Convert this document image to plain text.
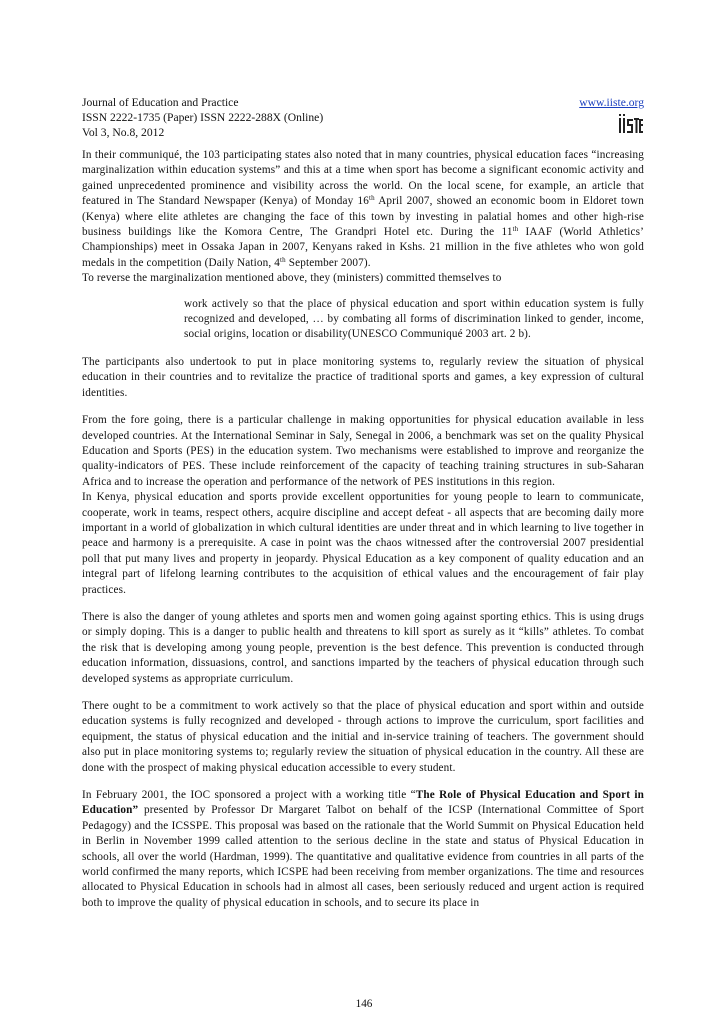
Journal of Education and Practice	www.iiste.org
ISSN 2222-1735 (Paper) ISSN 2222-288X (Online)
Vol 3, No.8, 2012

In their communiqué, the 103 participating states also noted that in many countries, physical education faces “increasing marginalization within education systems” and this at a time when sport has become a significant economic activity and gained unprecedented prominence and visibility across the world. On the local scene, for example, an article that featured in The Standard Newspaper (Kenya) of Monday 16th April 2007, showed an economic boom in Eldoret town (Kenya) where elite athletes are changing the face of this town by investing in palatial homes and other high-rise business buildings like the Komora Centre, The Grandpri Hotel etc. During the 11th IAAF (World Athletics’ Championships) meet in Ossaka Japan in 2007, Kenyans raked in Kshs. 21 million in the five athletes who won gold medals in the competition (Daily Nation, 4th September 2007).

To reverse the marginalization mentioned above, they (ministers) committed themselves to

work actively so that the place of physical education and sport within education system is fully recognized and developed, … by combating all forms of discrimination linked to gender, income, social origins, location or disability(UNESCO Communiqué 2003 art. 2 b).

The participants also undertook to put in place monitoring systems to, regularly review the situation of physical education in their countries and to revitalize the practice of traditional sports and games, a key expression of cultural identities.

From the fore going, there is a particular challenge in making opportunities for physical education available in less developed countries. At the International Seminar in Saly, Senegal in 2006, a benchmark was set on the quality Physical Education and Sports (PES) in the education system. Two mechanisms were established to improve and reorganize the quality-indicators of PES. These include reinforcement of the capacity of teaching training structures in sub-Saharan Africa and to increase the operation and performance of the network of PES institutions in this region.

In Kenya, physical education and sports provide excellent opportunities for young people to learn to communicate, cooperate, work in teams, respect others, acquire discipline and accept defeat - all aspects that are becoming daily more important in a world of globalization in which cultural identities are under threat and in which learning to live together in peace and harmony is a prerequisite. A case in point was the chaos witnessed after the controversial 2007 presidential poll that put many lives and property in jeopardy. Physical Education as a key component of quality education and an integral part of lifelong learning contributes to the acquisition of ethical values and the encouragement of fair play practices.

There is also the danger of young athletes and sports men and women going against sporting ethics. This is using drugs or simply doping. This is a danger to public health and threatens to kill sport as surely as it “kills” athletes. To combat the risk that is developing among young people, prevention is the best defence. This prevention is conducted through education information, dissuasions, control, and sanctions imparted by the teachers of physical education through such developed systems as appropriate curriculum.

There ought to be a commitment to work actively so that the place of physical education and sport within and outside education systems is fully recognized and developed - through actions to improve the curriculum, sport facilities and equipment, the status of physical education and the initial and in-service training of teachers. The government should also put in place monitoring systems to; regularly review the situation of physical education in the country. All these are done with the prospect of making physical education accessible to every student.

In February 2001, the IOC sponsored a project with a working title “The Role of Physical Education and Sport in Education” presented by Professor Dr Margaret Talbot on behalf of the ICSP (International Committee of Sport Pedagogy) and the ICSSPE. This proposal was based on the rationale that the World Summit on Physical Education held in Berlin in November 1999 called attention to the serious decline in the state and status of Physical Education in schools, all over the world (Hardman, 1999). The quantitative and qualitative evidence from countries in all parts of the world confirmed the many reports, which ICSPE had been receiving from member organizations. The time and resources allocated to Physical Education in schools had in almost all cases, been seriously reduced and urgent action is required both to improve the quality of physical education in schools, and to secure its place in

146
